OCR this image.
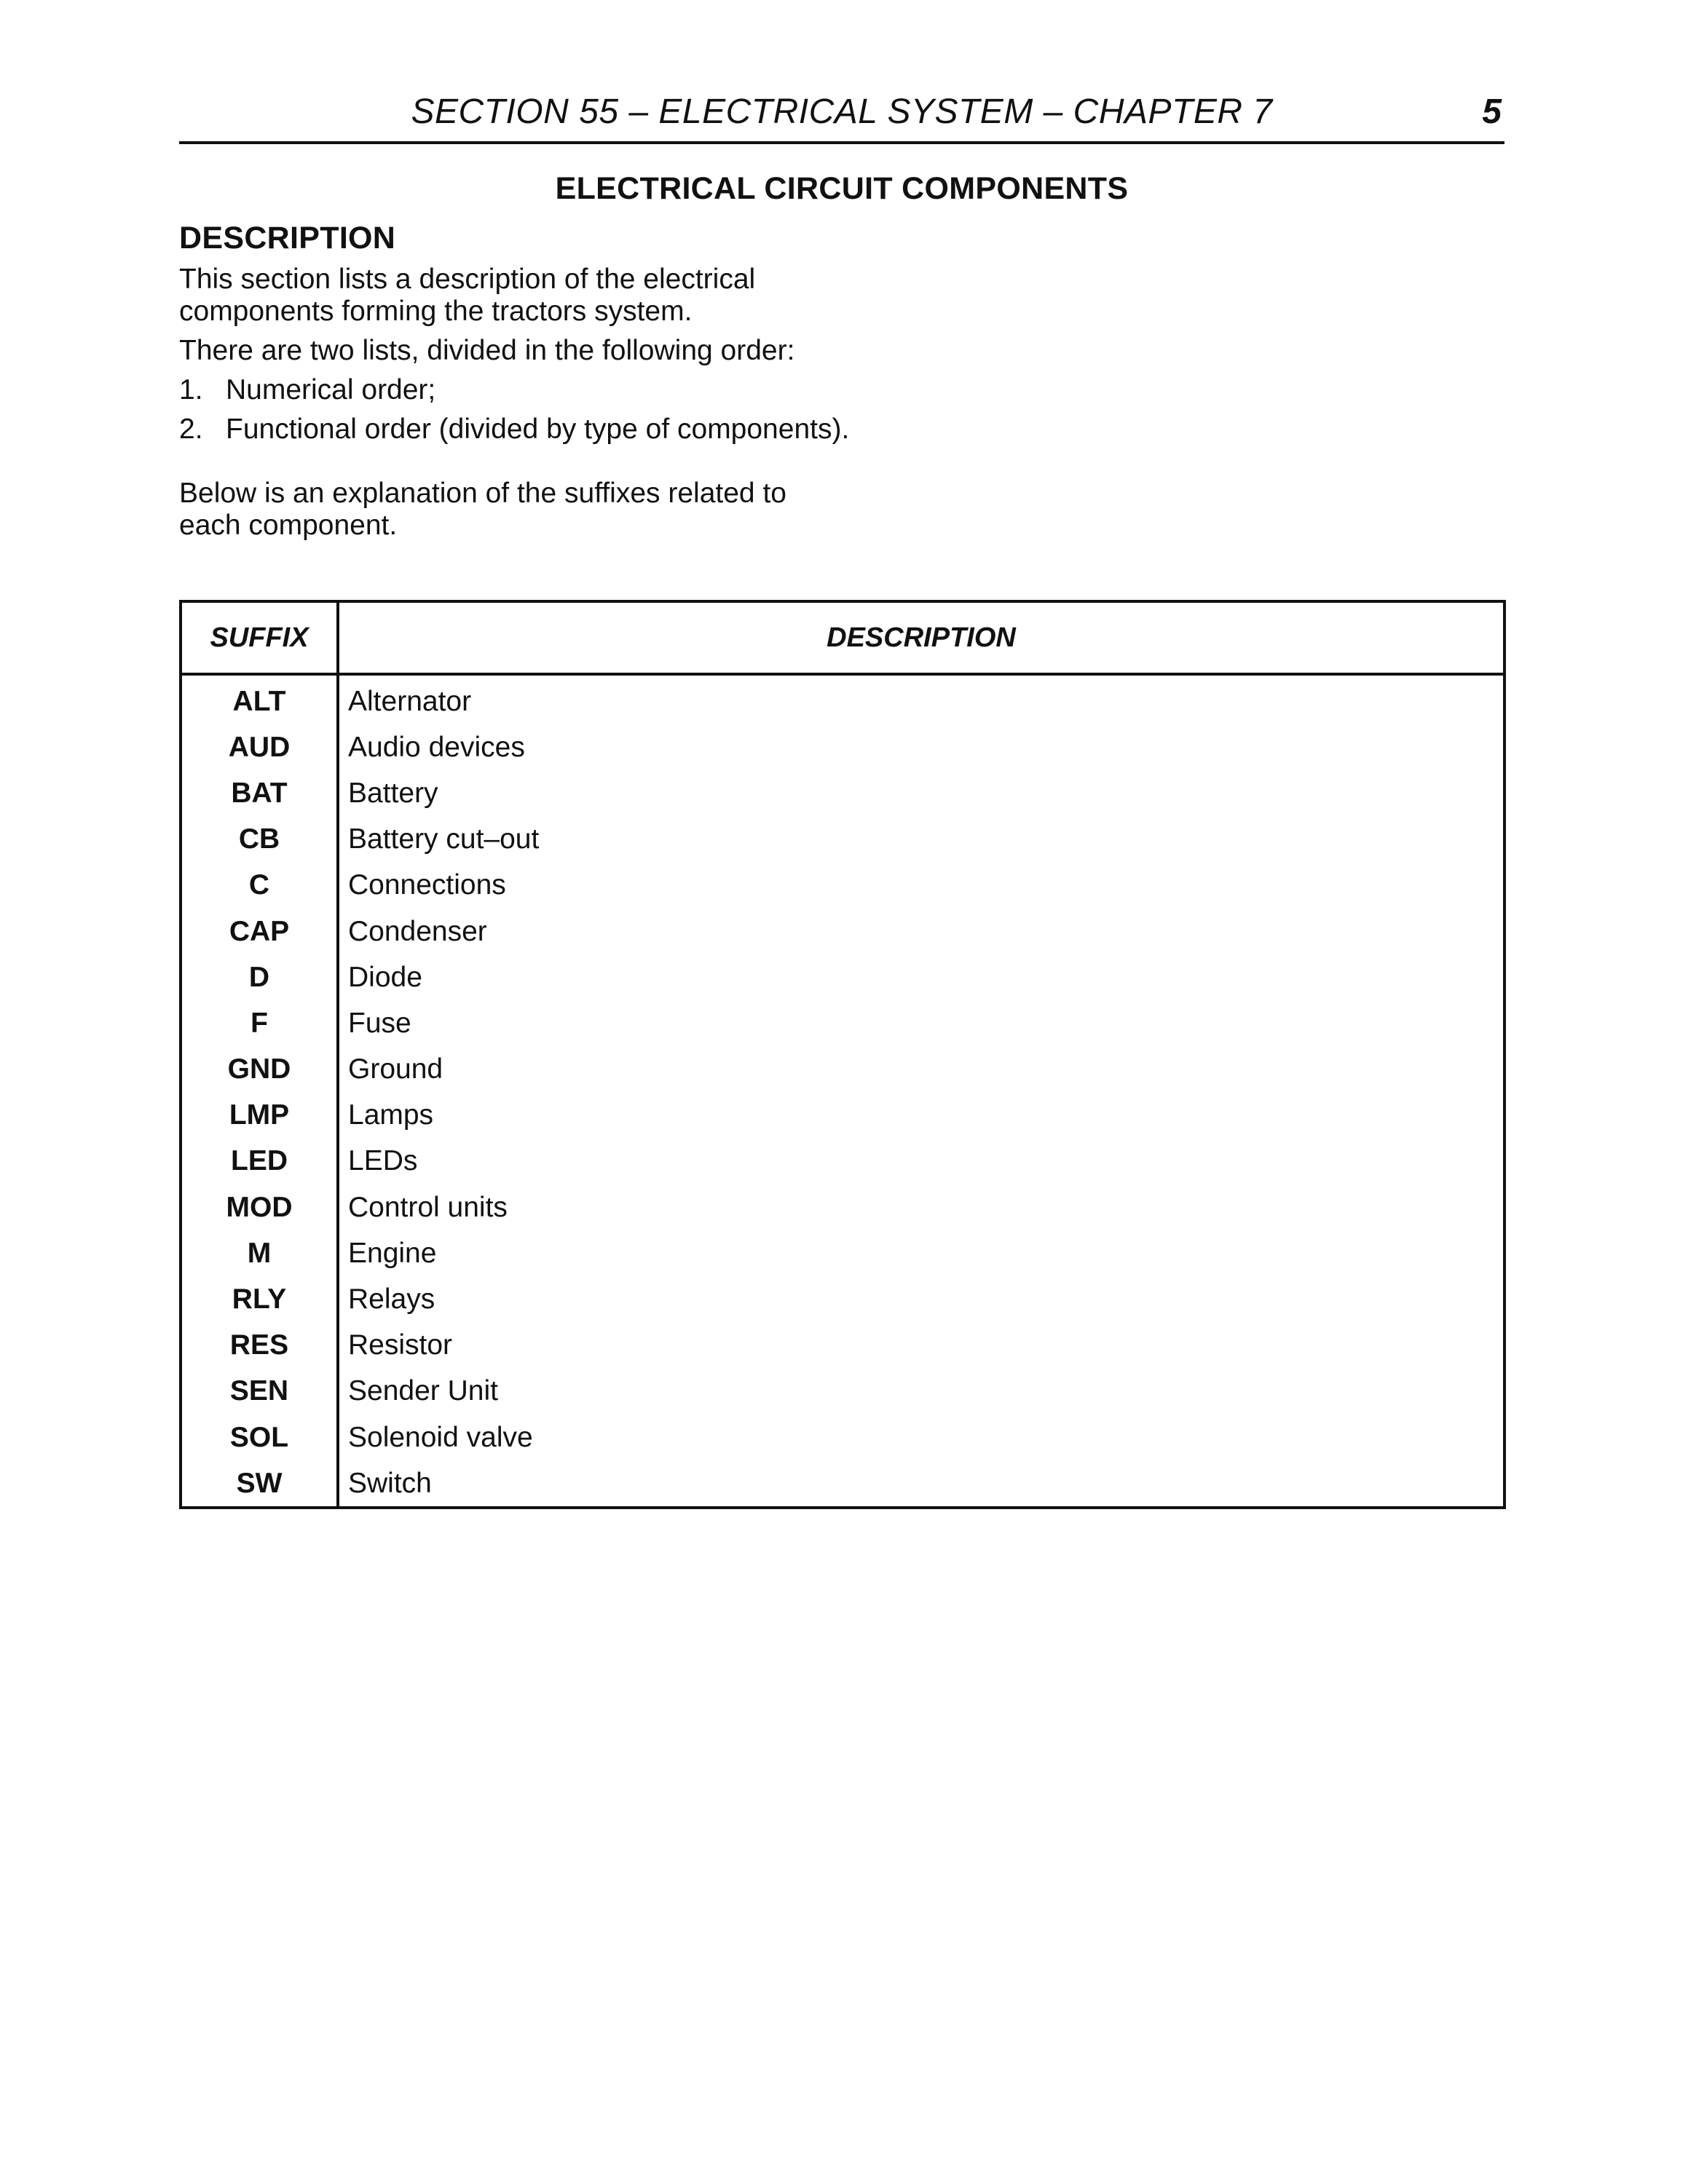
SECTION 55 – ELECTRICAL SYSTEM – CHAPTER 7	5
ELECTRICAL CIRCUIT COMPONENTS
DESCRIPTION

This section lists a description of the electrical components forming the tractors system.

There are two lists, divided in the following order:

1. Numerical order;
2. Functional order (divided by type of components).

Below is an explanation of the suffixes related to each component.

SUFFIX	DESCRIPTION
ALT	Alternator
AUD	Audio devices
BAT	Battery
CB	Battery cut–out
C	Connections
CAP	Condenser
D	Diode
F	Fuse
GND	Ground
LMP	Lamps
LED	LEDs
MOD	Control units
M	Engine
RLY	Relays
RES	Resistor
SEN	Sender Unit
SOL	Solenoid valve
SW	Switch
